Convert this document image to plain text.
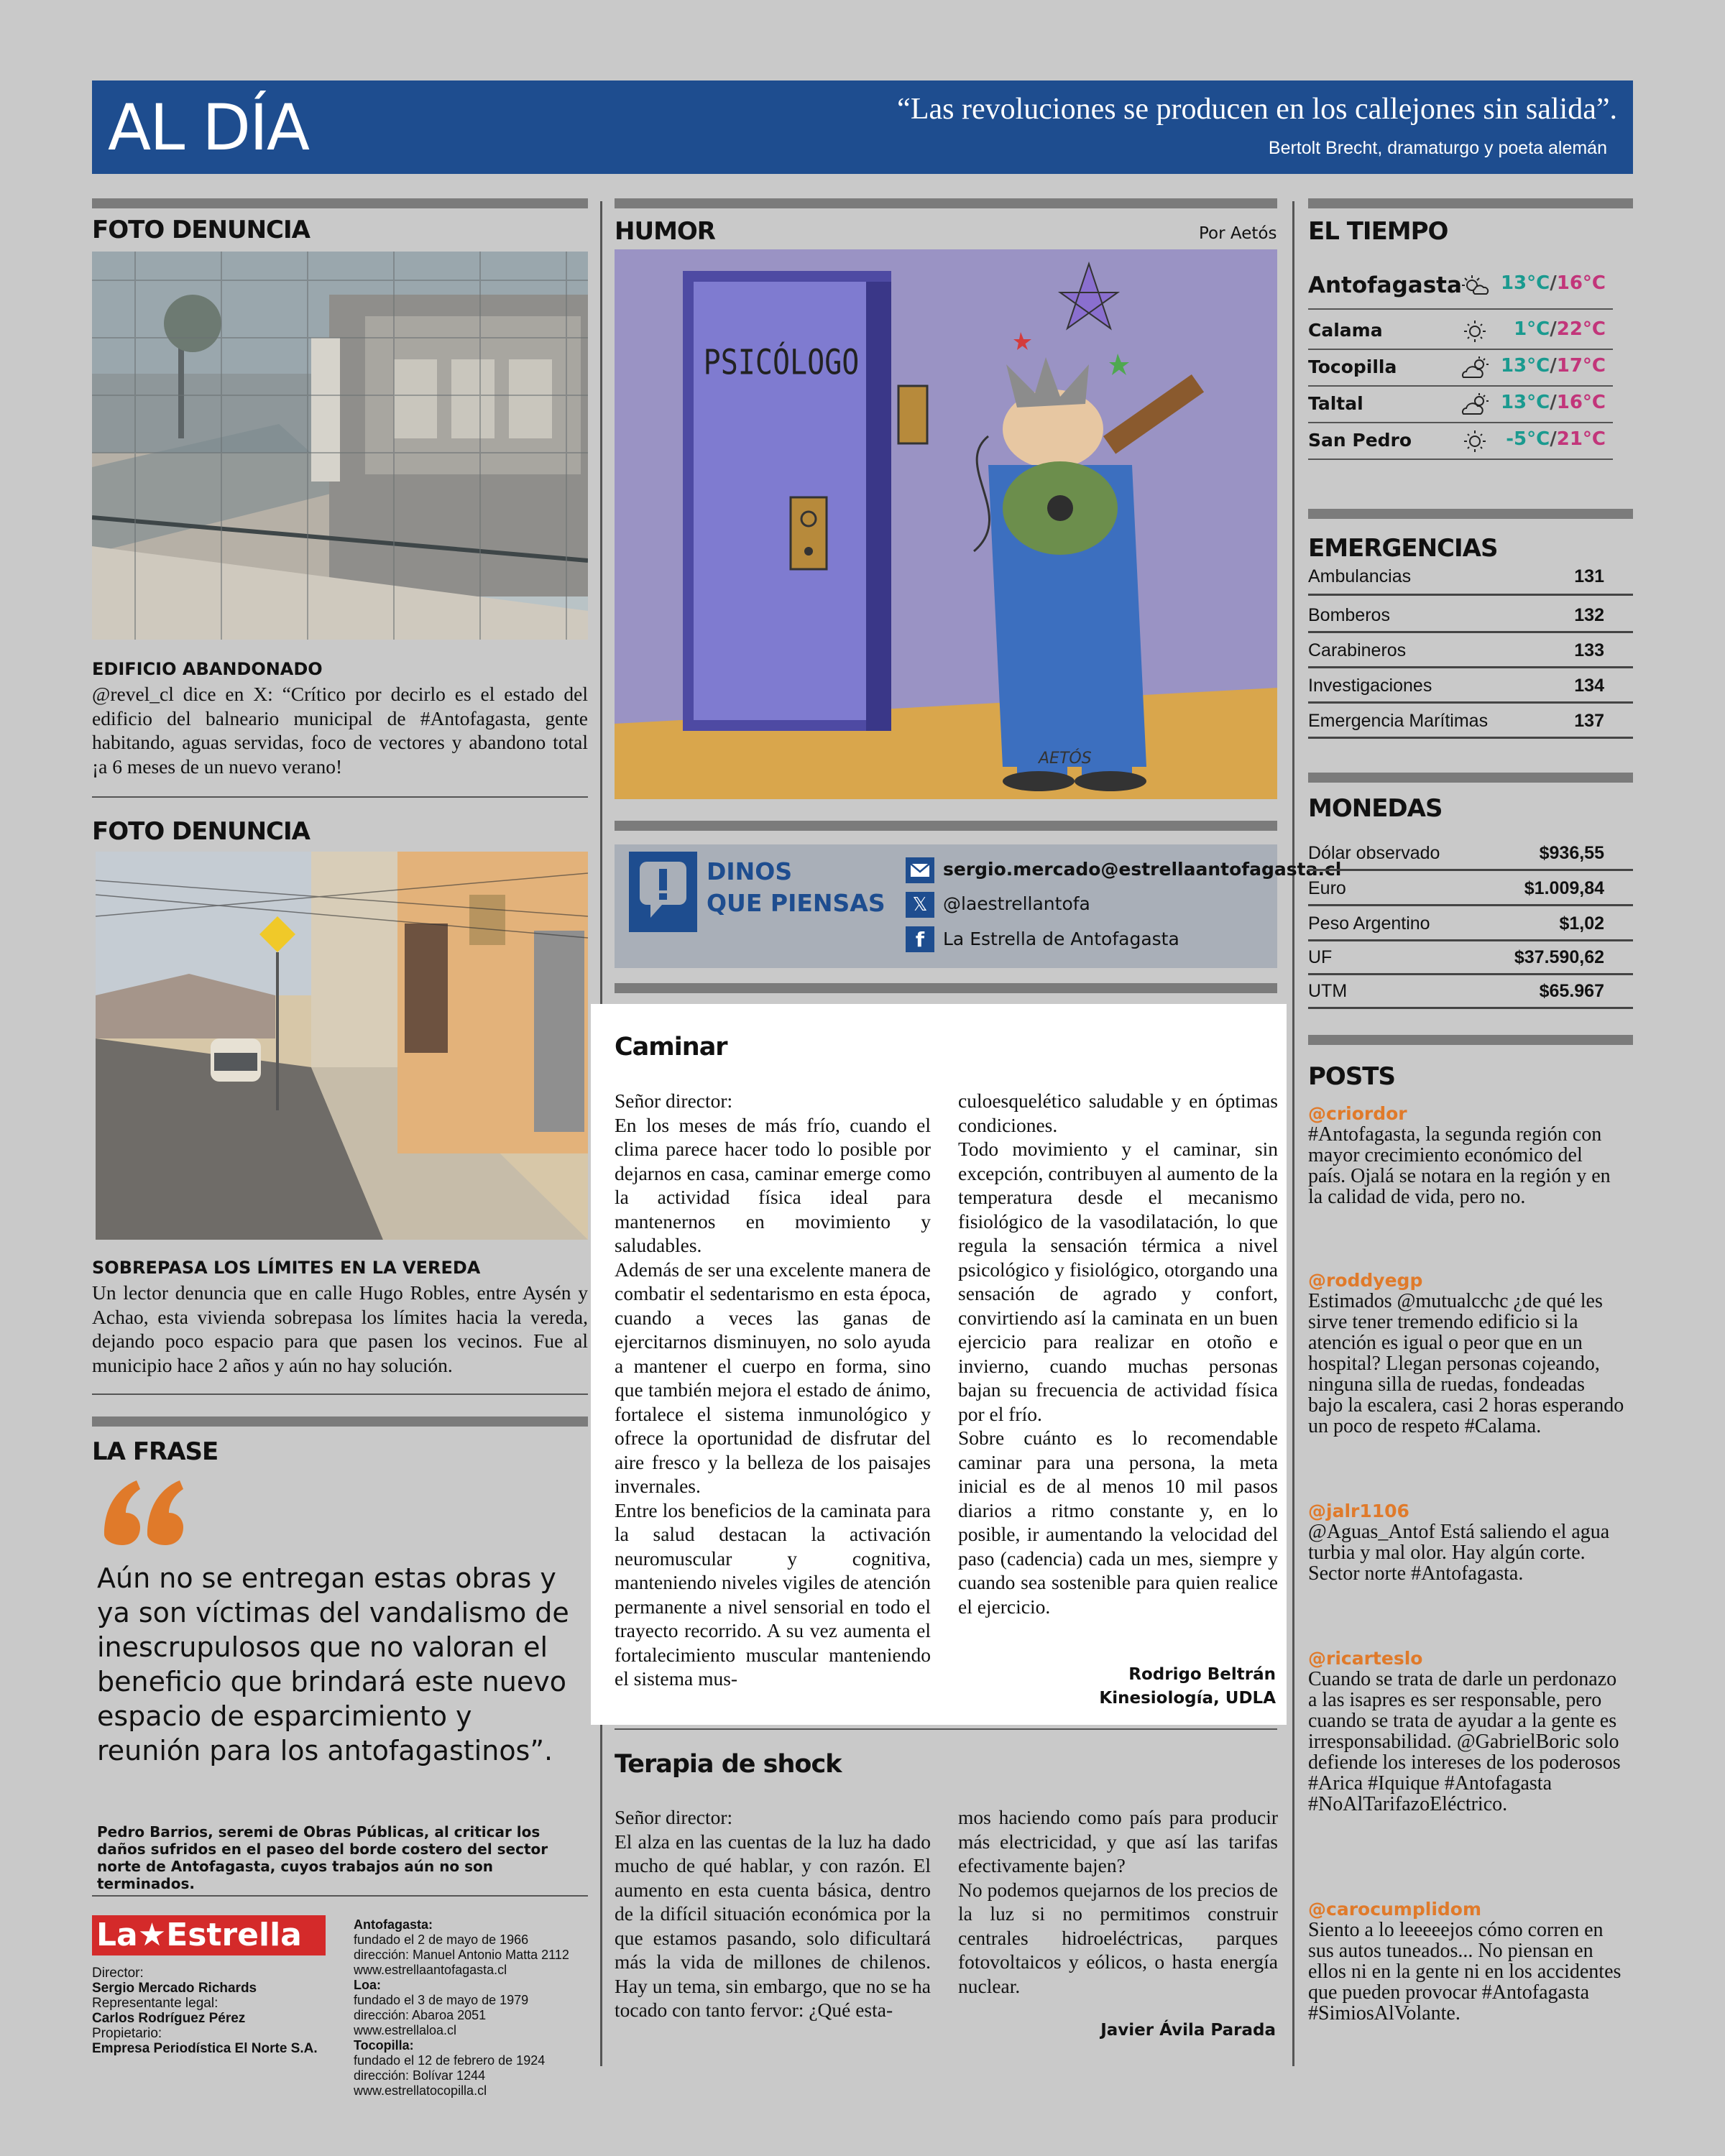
AL DÍA	“Las revoluciones se producen en los callejones sin salida”.
Bertolt Brecht, dramaturgo y poeta alemán
FOTO DENUNCIA
EDIFICIO ABANDONADO
@revel_cl dice en X: “Crítico por decirlo es el estado del edificio del balneario municipal de #Antofagasta, gente habitando, aguas servidas, foco de vectores y abandono total ¡a 6 meses de un nuevo verano!
FOTO DENUNCIA
SOBREPASA LOS LÍMITES EN LA VEREDA
Un lector denuncia que en calle Hugo Robles, entre Aysén y Achao, esta vivienda sobrepasa los límites hacia la vereda, dejando poco espacio para que pasen los vecinos. Fue al municipio hace 2 años y aún no hay solución.
LA FRASE
Aún no se entregan estas obras y ya son víctimas del vandalismo de inescrupulosos que no valoran el beneficio que brindará este nuevo espacio de esparcimiento y reunión para los antofagastinos”.
Pedro Barrios, seremi de Obras Públicas, al criticar los daños sufridos en el paseo del borde costero del sector norte de Antofagasta, cuyos trabajos aún no son terminados.
La★Estrella
Director:
Sergio Mercado Richards
Representante legal:
Carlos Rodríguez Pérez
Propietario:
Empresa Periodística El Norte S.A.
Antofagasta:
fundado el 2 de mayo de 1966
dirección: Manuel Antonio Matta 2112
www.estrellaantofagasta.cl
Loa:
fundado el 3 de mayo de 1979
dirección: Abaroa 2051
www.estrellaloa.cl
Tocopilla:
fundado el 12 de febrero de 1924
dirección: Bolívar 1244
www.estrellatocopilla.cl
HUMOR	Por Aetós
AETÓS
PSICÓLOGO
DINOS
QUE PIENSAS
sergio.mercado@estrellaantofagasta.cl
𝕏 @laestrellantofa
f	La Estrella de Antofagasta
Caminar
Señor director:
En los meses de más frío, cuando el clima parece hacer todo lo posible por dejarnos en casa, caminar emerge como la actividad física ideal para mantenernos en movimiento y saludables.
Además de ser una excelente manera de combatir el sedentarismo en esta época, cuando a veces las ganas de ejercitarnos disminuyen, no solo ayuda a mantener el cuerpo en forma, sino que también mejora el estado de ánimo, fortalece el sistema inmunológico y ofrece la oportunidad de disfrutar del aire fresco y la belleza de los paisajes invernales.
Entre los beneficios de la caminata para la salud destacan la activación neuromuscular y cognitiva, manteniendo niveles vigiles de atención permanente a nivel sensorial en todo el trayecto recorrido. A su vez aumenta el fortalecimiento muscular manteniendo el sistema mus-
culoesquelético saludable y en óptimas condiciones.
Todo movimiento y el caminar, sin excepción, contribuyen al aumento de la temperatura desde el mecanismo fisiológico de la vasodilatación, lo que regula la sensación térmica a nivel psicológico y fisiológico, otorgando una sensación de agrado y confort, convirtiendo así la caminata en un buen ejercicio para realizar en otoño e invierno, cuando muchas personas bajan su frecuencia de actividad física por el frío.
Sobre cuánto es lo recomendable caminar para una persona, la meta inicial es de al menos 10 mil pasos diarios a ritmo constante y, en lo posible, ir aumentando la velocidad del paso (cadencia) cada un mes, siempre y cuando sea sostenible para quien realice el ejercicio.
Rodrigo Beltrán
Kinesiología, UDLA
Terapia de shock
Señor director:
El alza en las cuentas de la luz ha dado mucho de qué hablar, y con razón. El aumento en esta cuenta básica, dentro de la difícil situación económica por la que estamos pasando, solo dificultará más la vida de millones de chilenos. Hay un tema, sin embargo, que no se ha tocado con tanto fervor: ¿Qué esta-
mos haciendo como país para producir más electricidad, y que así las tarifas efectivamente bajen?
No podemos quejarnos de los precios de la luz si no permitimos construir centrales hidroeléctricas, parques fotovoltaicos y eólicos, o hasta energía nuclear.
Javier Ávila Parada
EL TIEMPO
Antofagasta 13°C/16°C
Calama	1°C/22°C
Tocopilla	13°C/17°C
Taltal	13°C/16°C
San Pedro	-5°C/21°C
EMERGENCIAS
Ambulancias	131
Bomberos	132
Carabineros	133
Investigaciones	134
Emergencia Marítimas	137
MONEDAS
Dólar observado	$936,55
Euro	$1.009,84
Peso Argentino	$1,02
UF	$37.590,62
UTM	$65.967
POSTS
@criordor
#Antofagasta, la segunda región con mayor crecimiento económico del país. Ojalá se notara en la región y en la calidad de vida, pero no.
@roddyegp
Estimados @mutualcchc ¿de qué les sirve tener tremendo edificio si la atención es igual o peor que en un hospital? Llegan personas cojeando, ninguna silla de ruedas, fondeadas bajo la escalera, casi 2 horas esperando un poco de respeto #Calama.
@jalr1106
@Aguas_Antof Está saliendo el agua turbia y mal olor. Hay algún corte. Sector norte #Antofagasta.
@ricarteslo
Cuando se trata de darle un perdonazo a las isapres es ser responsable, pero cuando se trata de ayudar a la gente es irresponsabilidad. @GabrielBoric solo defiende los intereses de los poderosos #Arica #Iquique #Antofagasta #NoAlTarifazoEléctrico.
@carocumplidom
Siento a lo leeeeejos cómo corren en sus autos tuneados... No piensan en ellos ni en la gente ni en los accidentes que pueden provocar #Antofagasta #SimiosAlVolante.
